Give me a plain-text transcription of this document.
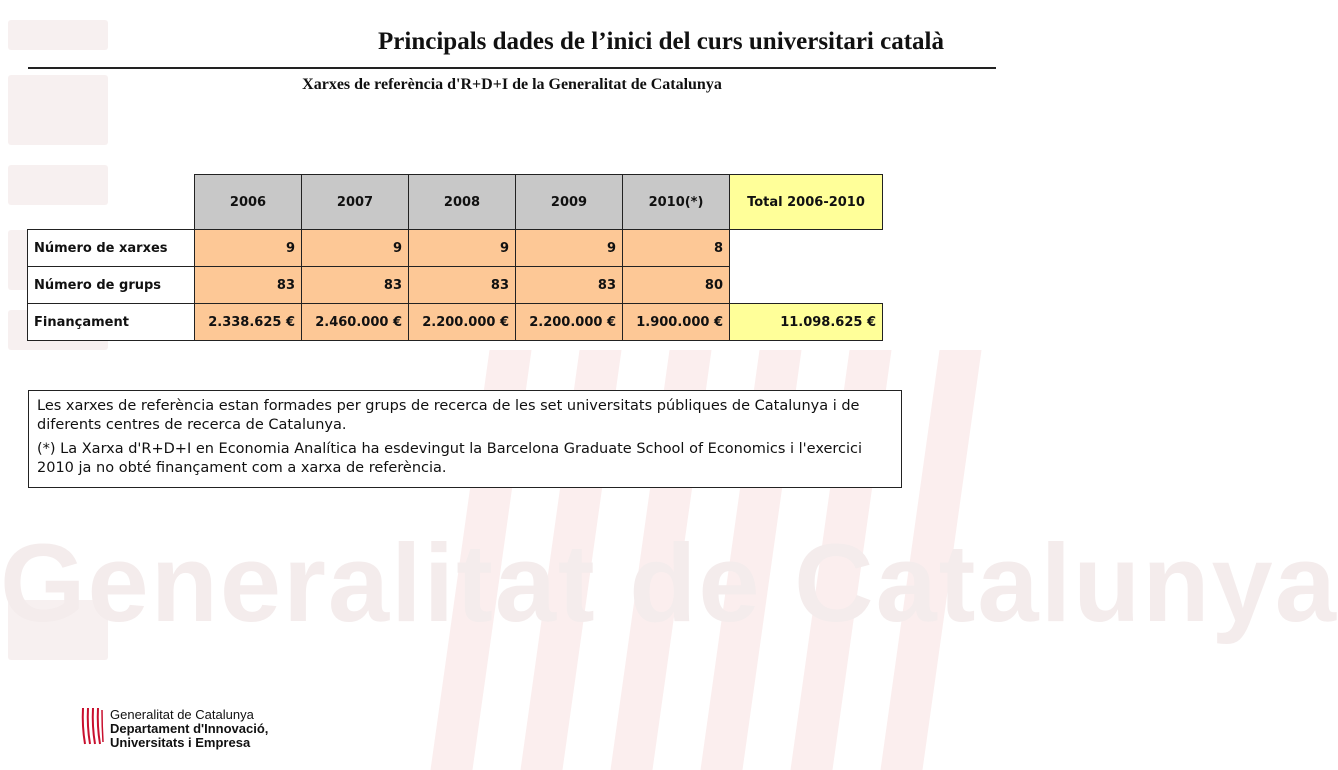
Generalitat de Catalunya
Principals dades de l’inici del curs universitari català
Xarxes de referència d'R+D+I de la Generalitat de Catalunya
	2006	2007	2008	2009	2010(*)	Total 2006-2010
Número de xarxes	9	9	9	9	8	
Número de grups	83	83	83	83	80	
Finançament	2.338.625 €	2.460.000 €	2.200.000 €	2.200.000 €	1.900.000 €	11.098.625 €

Les xarxes de referència estan formades per grups de recerca de les set universitats públiques de Catalunya i de diferents centres de recerca de Catalunya.

(*) La Xarxa d'R+D+I en Economia Analítica ha esdevingut la Barcelona Graduate School of Economics i l'exercici 2010 ja no obté finançament com a xarxa de referència.

Generalitat de Catalunya
Departament d'Innovació,
Universitats i Empresa
